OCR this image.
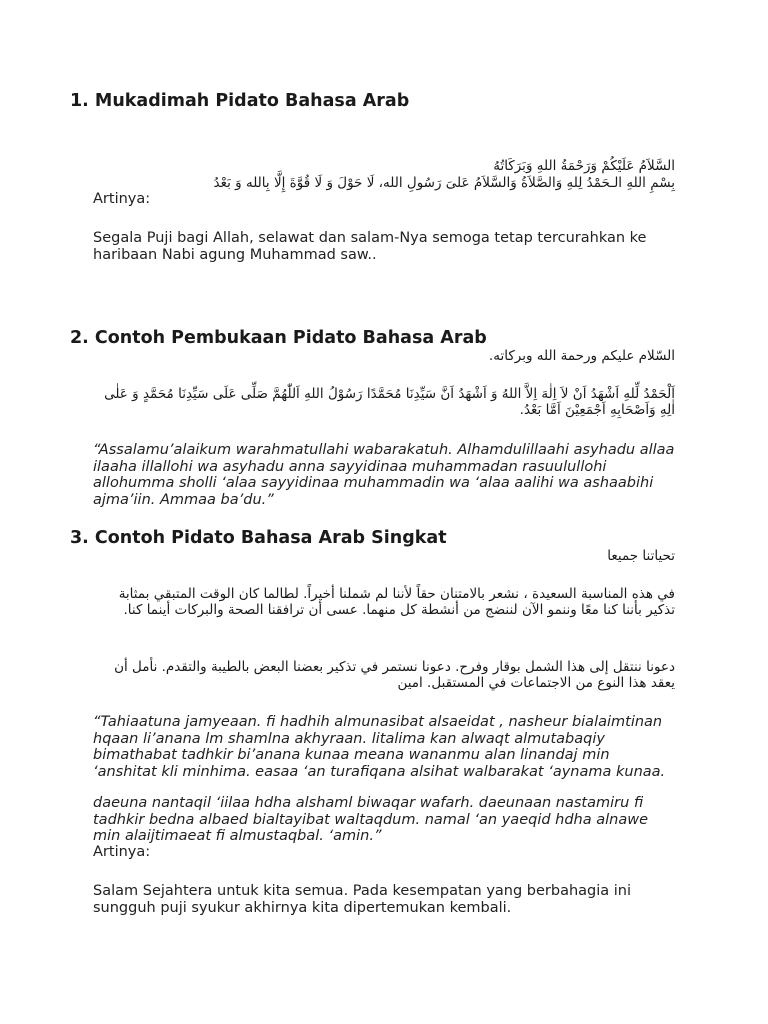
1. Mukadimah Pidato Bahasa Arab

السَّلاَمُ عَلَيْكُمْ وَرَحْمَةُ اللهِ وَبَرَكَاتُهُ

بِسْمِ اللهِ الـحَمْدُ لِلهِ وَالصَّلاَةُ وَالسَّلاَمُ عَلىَ رَسُولِ الله، لَا حَوْلَ وَ لَا قُوَّةَ إِلَّا بِالله وَ بَعْدُ

Artinya:

Segala Puji bagi Allah, selawat dan salam-Nya semoga tetap tercurahkan ke haribaan Nabi agung Muhammad saw..

2. Contoh Pembukaan Pidato Bahasa Arab

السّلام عليكم ورحمة الله وبركاته.

اَلْحَمْدُ لِّلهِ اَشْهَدُ اَنْ لاَ اِلٰهَ اِلاَّ اللهُ وَ اَشْهَدُ اَنَّ سَيِّدِنَا مُحَمَّدًا رَسُوْلُ اللهِ اَللّٰهُمَّ صَلِّى عَلَى سَيِّدِنَا مُحَمَّدٍ وَ عَلٰى اٰلِهِ وَاَصْحَابِهِ اَجْمَعِيْنَ اَمَّا بَعْدُ.

“Assalamu’alaikum warahmatullahi wabarakatuh. Alhamdulillaahi asyhadu allaa ilaaha illallohi wa asyhadu anna sayyidinaa muhammadan rasuulullohi allohumma sholli ‘alaa sayyidinaa muhammadin wa ‘alaa aalihi wa ashaabihi ajma’iin. Ammaa ba’du.”

3. Contoh Pidato Bahasa Arab Singkat

تحياتنا جميعا

في هذه المناسبة السعيدة ، نشعر بالامتنان حقاً لأننا لم شملنا أخيراً. لطالما كان الوقت المتبقي بمثابة تذكير بأننا كنا معًا وننمو الآن لننضج من أنشطة كل منهما. عسى أن ترافقنا الصحة والبركات أينما كنا.

دعونا ننتقل إلى هذا الشمل بوقار وفرح. دعونا نستمر في تذكير بعضنا البعض بالطيبة والتقدم. نأمل أن يعقد هذا النوع من الاجتماعات في المستقبل. امين

“Tahiaatuna jamyeaan. fi hadhih almunasibat alsaeidat , nasheur bialaimtinan hqaan li’anana lm shamlna akhyraan. litalima kan alwaqt almutabaqiy bimathabat tadhkir bi’anana kunaa meana wananmu alan linandaj min ‘anshitat kli minhima. easaa ‘an turafiqana alsihat walbarakat ‘aynama kunaa.

daeuna nantaqil ‘iilaa hdha alshaml biwaqar wafarh. daeunaan nastamiru fi tadhkir bedna albaed bialtayibat waltaqdum. namal ‘an yaeqid hdha alnawe min alaijtimaeat fi almustaqbal. ‘amin.”

Artinya:

Salam Sejahtera untuk kita semua. Pada kesempatan yang berbahagia ini sungguh puji syukur akhirnya kita dipertemukan kembali.
